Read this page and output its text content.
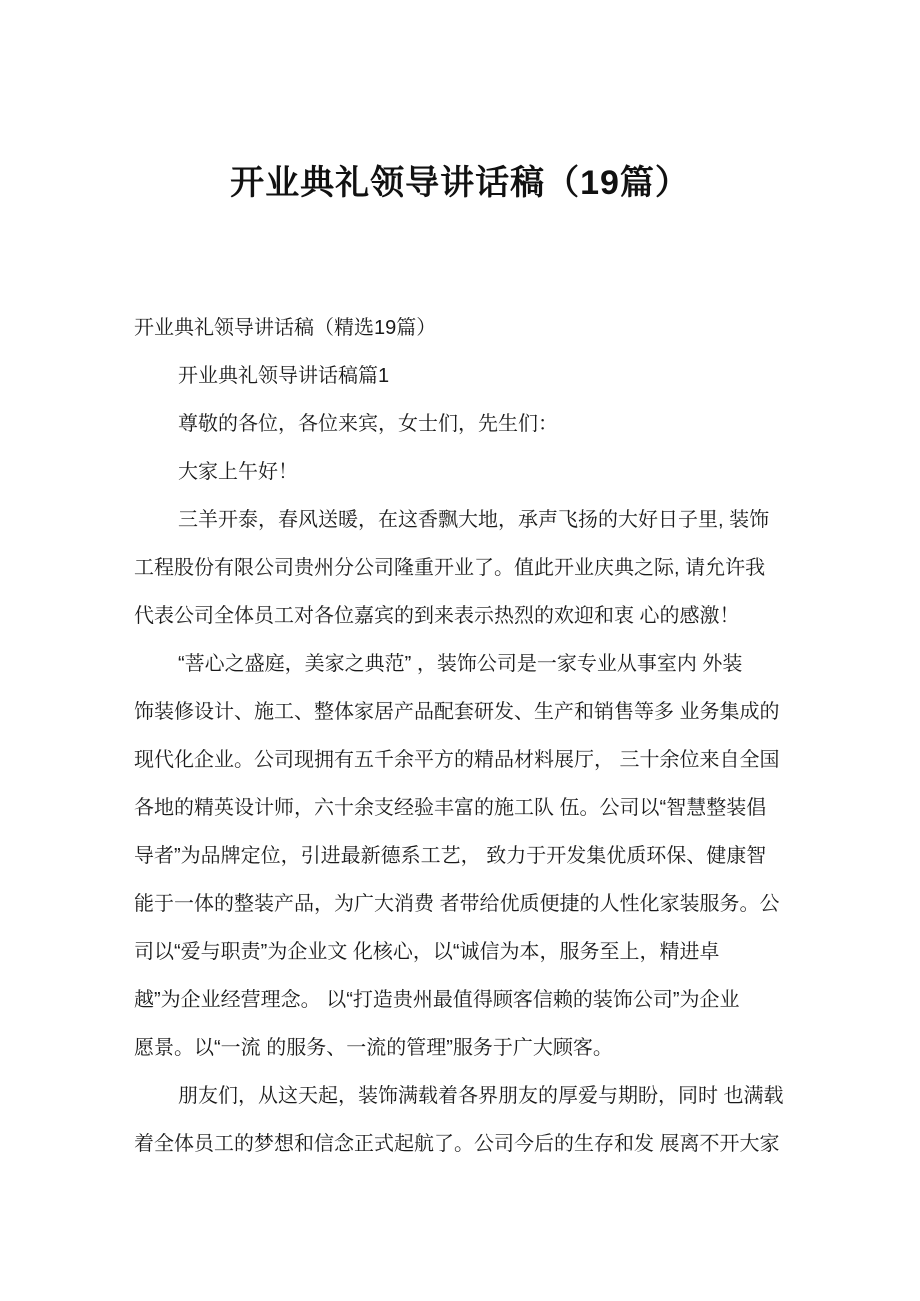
开业典礼领导讲话稿（19篇）
开业典礼领导讲话稿（精选19篇）
开业典礼领导讲话稿篇1
尊敬的各位，各位来宾，女士们，先生们：
大家上午好！
三羊开泰，春风送暖，在这香飘大地，承声飞扬的大好日子里, 装饰
工程股份有限公司贵州分公司隆重开业了。值此开业庆典之际, 请允许我
代表公司全体员工对各位嘉宾的到来表示热烈的欢迎和衷 心的感激！
“菩心之盛庭，美家之典范” ，装饰公司是一家专业从事室内 外装
饰装修设计、施工、整体家居产品配套研发、生产和销售等多 业务集成的
现代化企业。公司现拥有五千余平方的精品材料展厅， 三十余位来自全国
各地的精英设计师，六十余支经验丰富的施工队 伍。公司以“智慧整装倡
导者”为品牌定位，引进最新德系工艺， 致力于开发集优质环保、健康智
能于一体的整装产品，为广大消费 者带给优质便捷的人性化家装服务。公
司以“爱与职责”为企业文 化核心，以“诚信为本，服务至上，精进卓
越”为企业经营理念。 以“打造贵州最值得顾客信赖的装饰公司”为企业
愿景。以“一流 的服务、一流的管理”服务于广大顾客。
朋友们，从这天起，装饰满载着各界朋友的厚爱与期盼，同时 也满载
着全体员工的梦想和信念正式起航了。公司今后的生存和发 展离不开大家
